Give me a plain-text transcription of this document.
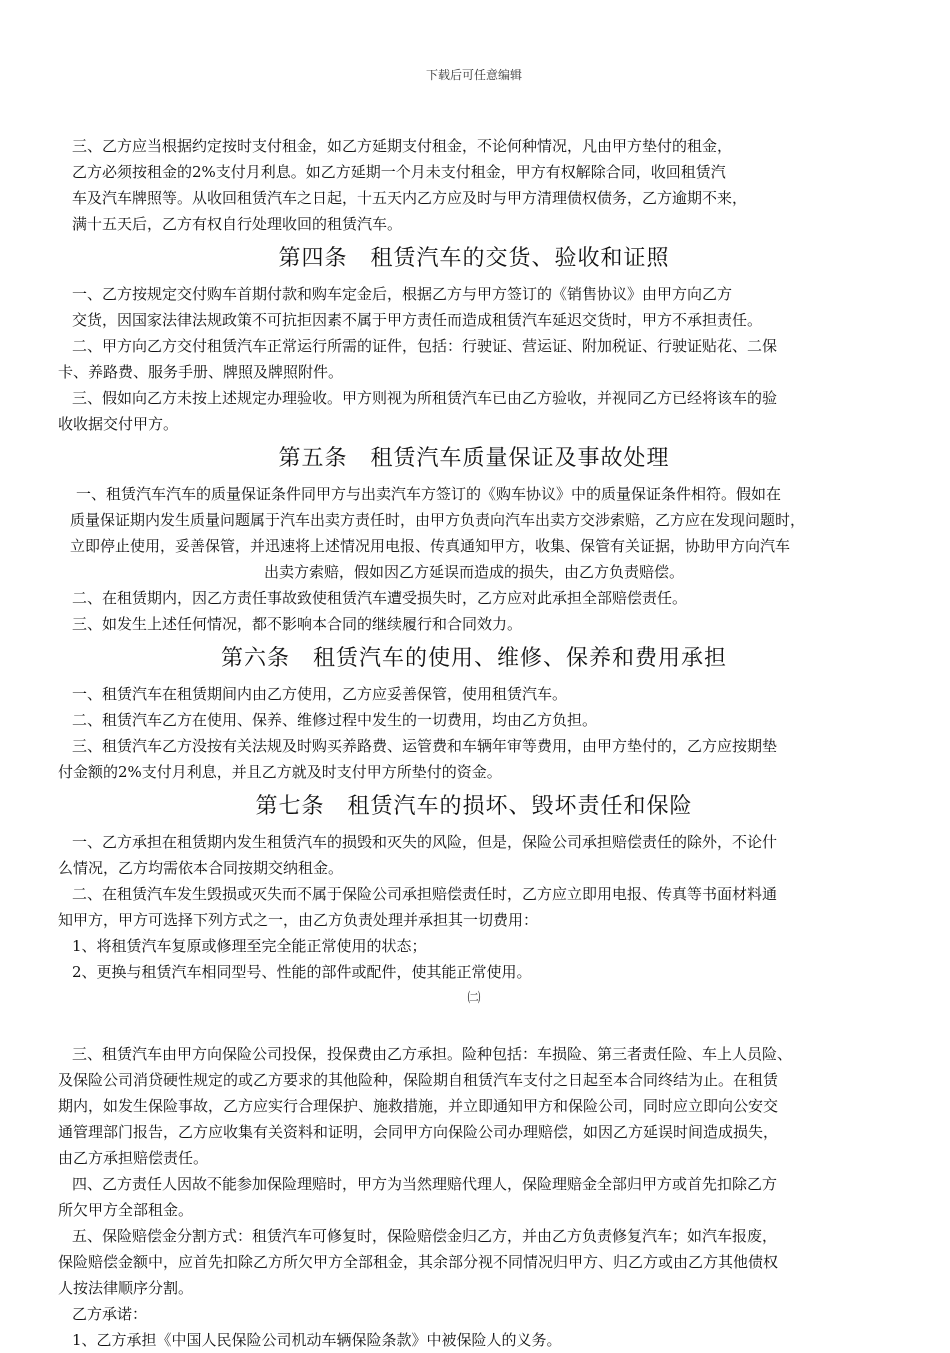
下载后可任意编辑

三、乙方应当根据约定按时支付租金，如乙方延期支付租金，不论何种情况，凡由甲方垫付的租金，

乙方必须按租金的2%支付月利息。如乙方延期一个月未支付租金，甲方有权解除合同，收回租赁汽

车及汽车牌照等。从收回租赁汽车之日起，十五天内乙方应及时与甲方清理债权债务，乙方逾期不来，

满十五天后，乙方有权自行处理收回的租赁汽车。

第四条　租赁汽车的交货、验收和证照

一、乙方按规定交付购车首期付款和购车定金后，根据乙方与甲方签订的《销售协议》由甲方向乙方

交货，因国家法律法规政策不可抗拒因素不属于甲方责任而造成租赁汽车延迟交货时，甲方不承担责任。

二、甲方向乙方交付租赁汽车正常运行所需的证件，包括：行驶证、营运证、附加税证、行驶证贴花、二保

卡、养路费、服务手册、牌照及牌照附件。

三、假如向乙方未按上述规定办理验收。甲方则视为所租赁汽车已由乙方验收，并视同乙方已经将该车的验

收收据交付甲方。

第五条　租赁汽车质量保证及事故处理

一、租赁汽车汽车的质量保证条件同甲方与出卖汽车方签订的《购车协议》中的质量保证条件相符。假如在

质量保证期内发生质量问题属于汽车出卖方责任时，由甲方负责向汽车出卖方交涉索赔，乙方应在发现问题时，

立即停止使用，妥善保管，并迅速将上述情况用电报、传真通知甲方，收集、保管有关证据，协助甲方向汽车

出卖方索赔，假如因乙方延误而造成的损失，由乙方负责赔偿。

二、在租赁期内，因乙方责任事故致使租赁汽车遭受损失时，乙方应对此承担全部赔偿责任。

三、如发生上述任何情况，都不影响本合同的继续履行和合同效力。

第六条　租赁汽车的使用、维修、保养和费用承担

一、租赁汽车在租赁期间内由乙方使用，乙方应妥善保管，使用租赁汽车。

二、租赁汽车乙方在使用、保养、维修过程中发生的一切费用，均由乙方负担。

三、租赁汽车乙方没按有关法规及时购买养路费、运管费和车辆年审等费用，由甲方垫付的，乙方应按期垫

付金额的2%支付月利息，并且乙方就及时支付甲方所垫付的资金。

第七条　租赁汽车的损坏、毁坏责任和保险

一、乙方承担在租赁期内发生租赁汽车的损毁和灭失的风险，但是，保险公司承担赔偿责任的除外，不论什

么情况，乙方均需依本合同按期交纳租金。

二、在租赁汽车发生毁损或灭失而不属于保险公司承担赔偿责任时，乙方应立即用电报、传真等书面材料通

知甲方，甲方可选择下列方式之一，由乙方负责处理并承担其一切费用：

1、将租赁汽车复原或修理至完全能正常使用的状态；

2、更换与租赁汽车相同型号、性能的部件或配件，使其能正常使用。

㈡

三、租赁汽车由甲方向保险公司投保，投保费由乙方承担。险种包括：车损险、第三者责任险、车上人员险、

及保险公司消贷硬性规定的或乙方要求的其他险种，保险期自租赁汽车支付之日起至本合同终结为止。在租赁

期内，如发生保险事故，乙方应实行合理保护、施救措施，并立即通知甲方和保险公司，同时应立即向公安交

通管理部门报告，乙方应收集有关资料和证明，会同甲方向保险公司办理赔偿，如因乙方延误时间造成损失，

由乙方承担赔偿责任。

四、乙方责任人因故不能参加保险理赔时，甲方为当然理赔代理人，保险理赔金全部归甲方或首先扣除乙方

所欠甲方全部租金。

五、保险赔偿金分割方式：租赁汽车可修复时，保险赔偿金归乙方，并由乙方负责修复汽车；如汽车报废，

保险赔偿金额中，应首先扣除乙方所欠甲方全部租金，其余部分视不同情况归甲方、归乙方或由乙方其他债权

人按法律顺序分割。

乙方承诺：

1、乙方承担《中国人民保险公司机动车辆保险条款》中被保险人的义务。
